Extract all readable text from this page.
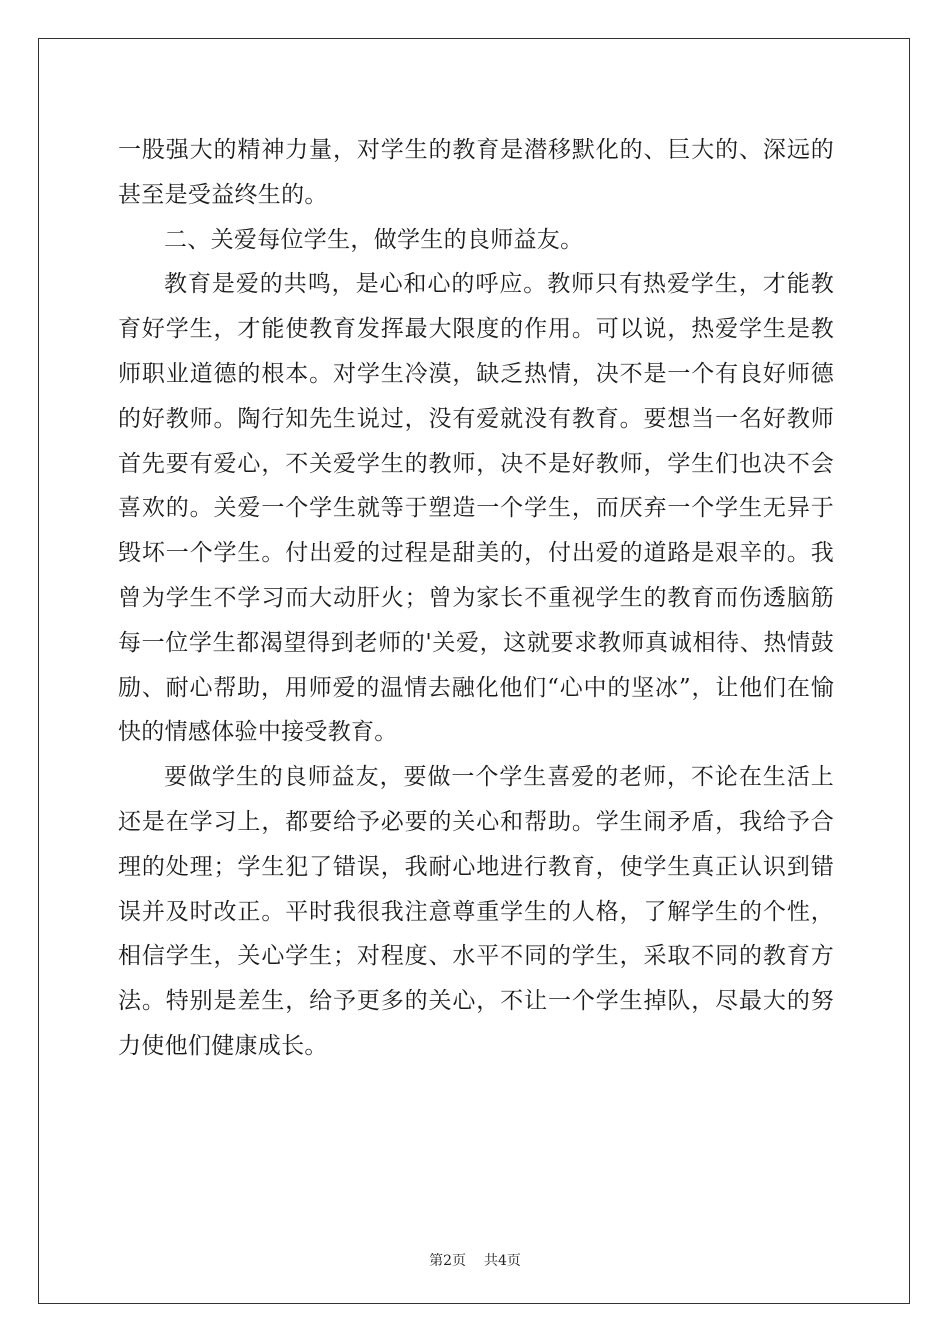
一股强大的精神力量，对学生的教育是潜移默化的、巨大的、深远的甚至是受益终生的。

二、关爱每位学生，做学生的良师益友。

教育是爱的共鸣，是心和心的呼应。教师只有热爱学生，才能教育好学生，才能使教育发挥最大限度的作用。可以说，热爱学生是教师职业道德的根本。对学生冷漠，缺乏热情，决不是一个有良好师德的好教师。陶行知先生说过，没有爱就没有教育。要想当一名好教师首先要有爱心，不关爱学生的教师，决不是好教师，学生们也决不会喜欢的。关爱一个学生就等于塑造一个学生，而厌弃一个学生无异于毁坏一个学生。付出爱的过程是甜美的，付出爱的道路是艰辛的。我曾为学生不学习而大动肝火；曾为家长不重视学生的教育而伤透脑筋每一位学生都渴望得到老师的'关爱，这就要求教师真诚相待、热情鼓励、耐心帮助，用师爱的温情去融化他们“心中的坚冰”，让他们在愉快的情感体验中接受教育。

要做学生的良师益友，要做一个学生喜爱的老师，不论在生活上还是在学习上，都要给予必要的关心和帮助。学生闹矛盾，我给予合理的处理；学生犯了错误，我耐心地进行教育，使学生真正认识到错误并及时改正。平时我很我注意尊重学生的人格，了解学生的个性，相信学生，关心学生；对程度、水平不同的学生，采取不同的教育方法。特别是差生，给予更多的关心，不让一个学生掉队，尽最大的努力使他们健康成长。

第2页 共4页
